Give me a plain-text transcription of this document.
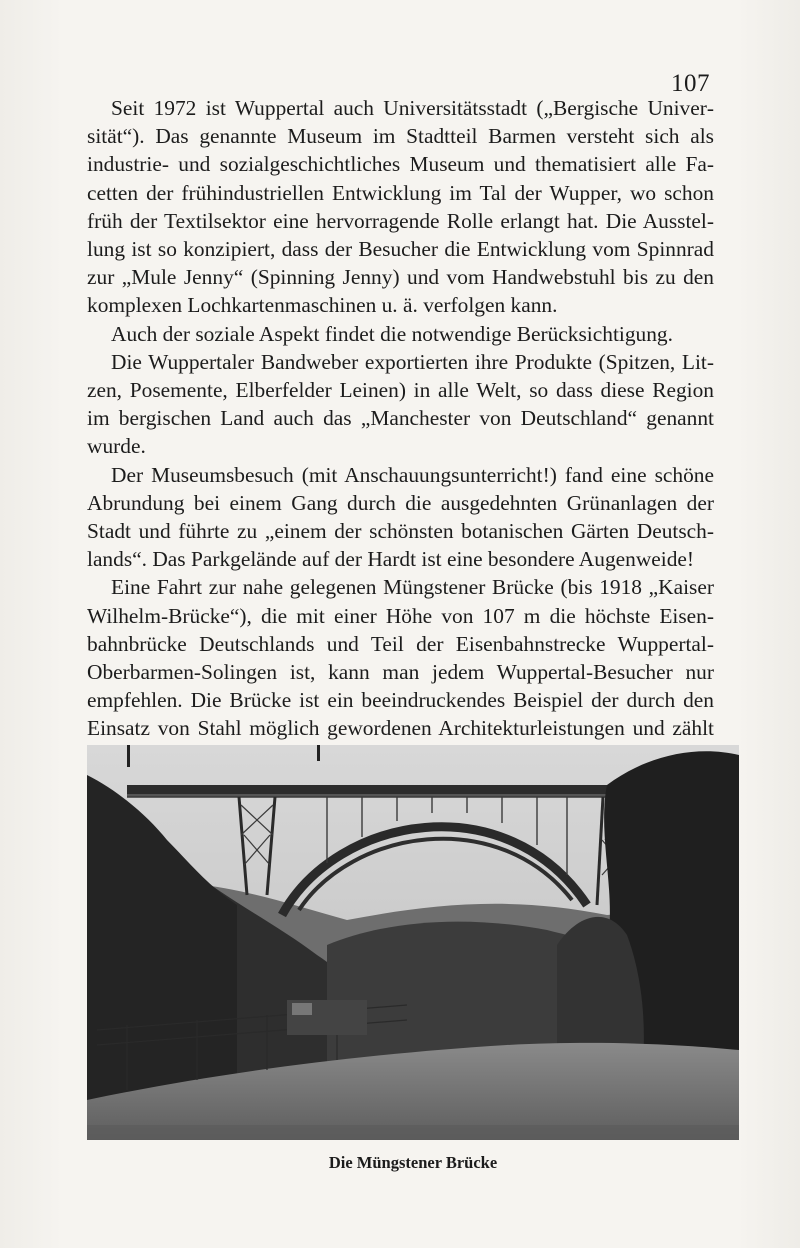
107

Seit 1972 ist Wuppertal auch Universitätsstadt („Bergische Universität“). Das genannte Museum im Stadtteil Barmen versteht sich als industrie- und sozialgeschichtliches Museum und thematisiert alle Facetten der frühindustriellen Entwicklung im Tal der Wupper, wo schon früh der Textilsektor eine hervorragende Rolle erlangt hat. Die Ausstellung ist so konzipiert, dass der Besucher die Entwicklung vom Spinnrad zur „Mule Jenny“ (Spinning Jenny) und vom Handwebstuhl bis zu den komplexen Lochkartenmaschinen u. ä. verfolgen kann.

Auch der soziale Aspekt findet die notwendige Berücksichtigung.

Die Wuppertaler Bandweber exportierten ihre Produkte (Spitzen, Litzen, Posemente, Elberfelder Leinen) in alle Welt, so dass diese Region im bergischen Land auch das „Manchester von Deutschland“ genannt wurde.

Der Museumsbesuch (mit Anschauungsunterricht!) fand eine schöne Abrundung bei einem Gang durch die ausgedehnten Grünanlagen der Stadt und führte zu „einem der schönsten botanischen Gärten Deutschlands“. Das Parkgelände auf der Hardt ist eine besondere Augenweide!

Eine Fahrt zur nahe gelegenen Müngstener Brücke (bis 1918 „Kaiser Wilhelm-Brücke“), die mit einer Höhe von 107 m die höchste Eisenbahnbrücke Deutschlands und Teil der Eisenbahnstrecke Wuppertal-Oberbarmen-Solingen ist, kann man jedem Wuppertal-Besucher nur empfehlen. Die Brücke ist ein beeindruckendes Beispiel der durch den Einsatz von Stahl möglich gewordenen Architekturleistungen und zählt

Die Müngstener Brücke
